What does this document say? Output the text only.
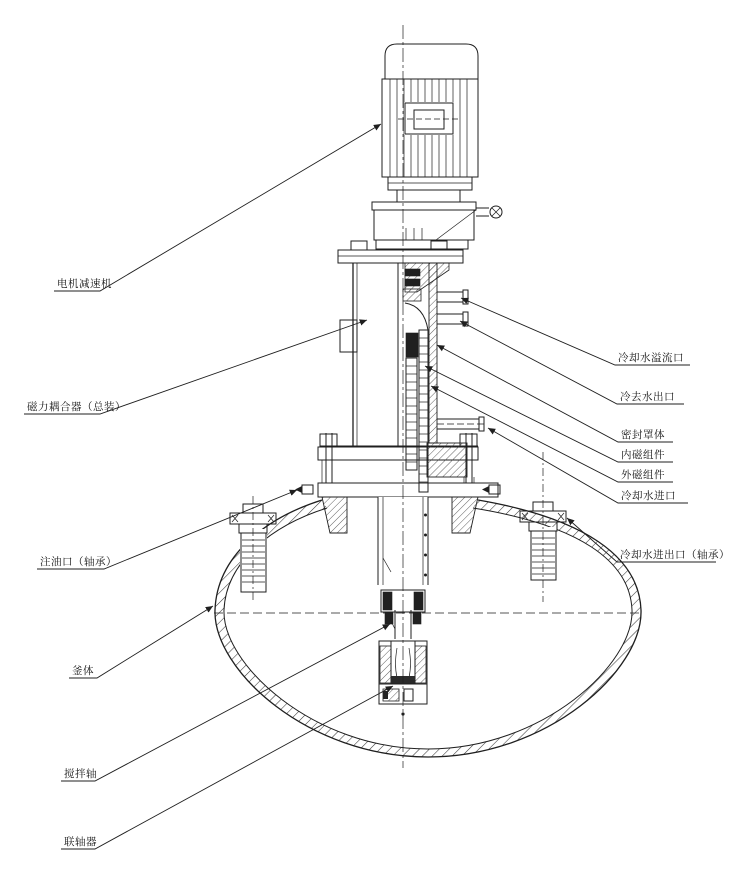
电机减速机
磁力耦合器（总装）
注油口（轴承）
釜体
搅拌轴
联轴器
冷却水溢流口
冷去水出口
密封罩体
内磁组件
外磁组件
冷却水进口
冷却水进出口（轴承）
